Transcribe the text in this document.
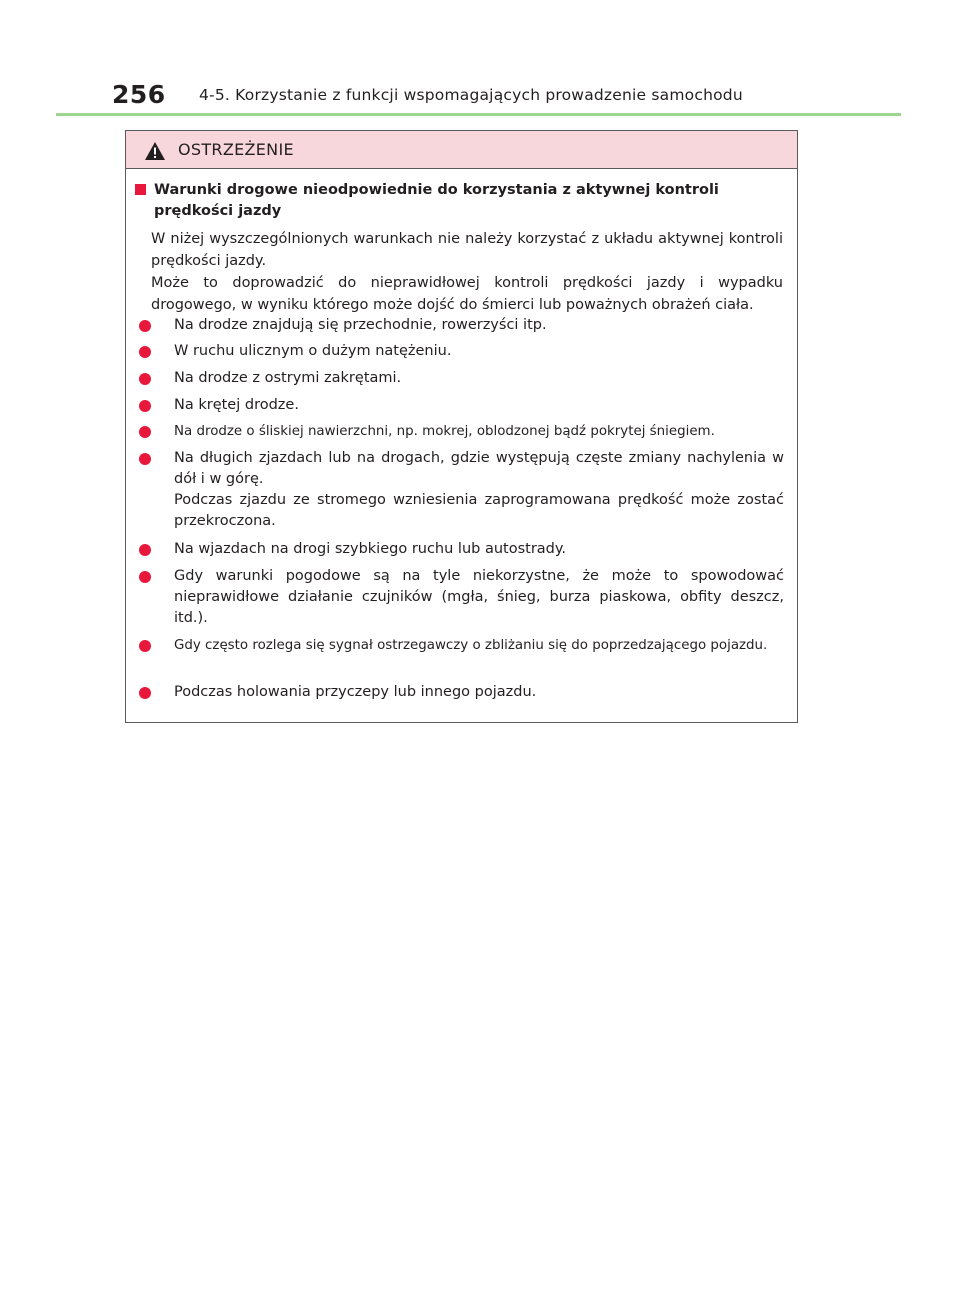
256 4-5. Korzystanie z funkcji wspomagających prowadzenie samochodu
OSTRZEŻENIE
Warunki drogowe nieodpowiednie do korzystania z aktywnej kontroli prędkości jazdy

W niżej wyszczególnionych warunkach nie należy korzystać z układu aktywnej kontroli prędkości jazdy.

Może to doprowadzić do nieprawidłowej kontroli prędkości jazdy i wypadku drogowego, w wyniku którego może dojść do śmierci lub poważnych obrażeń ciała.

Na drodze znajdują się przechodnie, rowerzyści itp.
W ruchu ulicznym o dużym natężeniu.
Na drodze z ostrymi zakrętami.
Na krętej drodze.
Na drodze o śliskiej nawierzchni, np. mokrej, oblodzonej bądź pokrytej śniegiem.
Na długich zjazdach lub na drogach, gdzie występują częste zmiany nachylenia w dół i w górę.
Podczas zjazdu ze stromego wzniesienia zaprogramowana prędkość może zostać przekroczona.
Na wjazdach na drogi szybkiego ruchu lub autostrady.
Gdy warunki pogodowe są na tyle niekorzystne, że może to spowodować nieprawidłowe działanie czujników (mgła, śnieg, burza piaskowa, obfity deszcz, itd.).
Gdy często rozlega się sygnał ostrzegawczy o zbliżaniu się do poprzedzającego pojazdu.
Podczas holowania przyczepy lub innego pojazdu.
